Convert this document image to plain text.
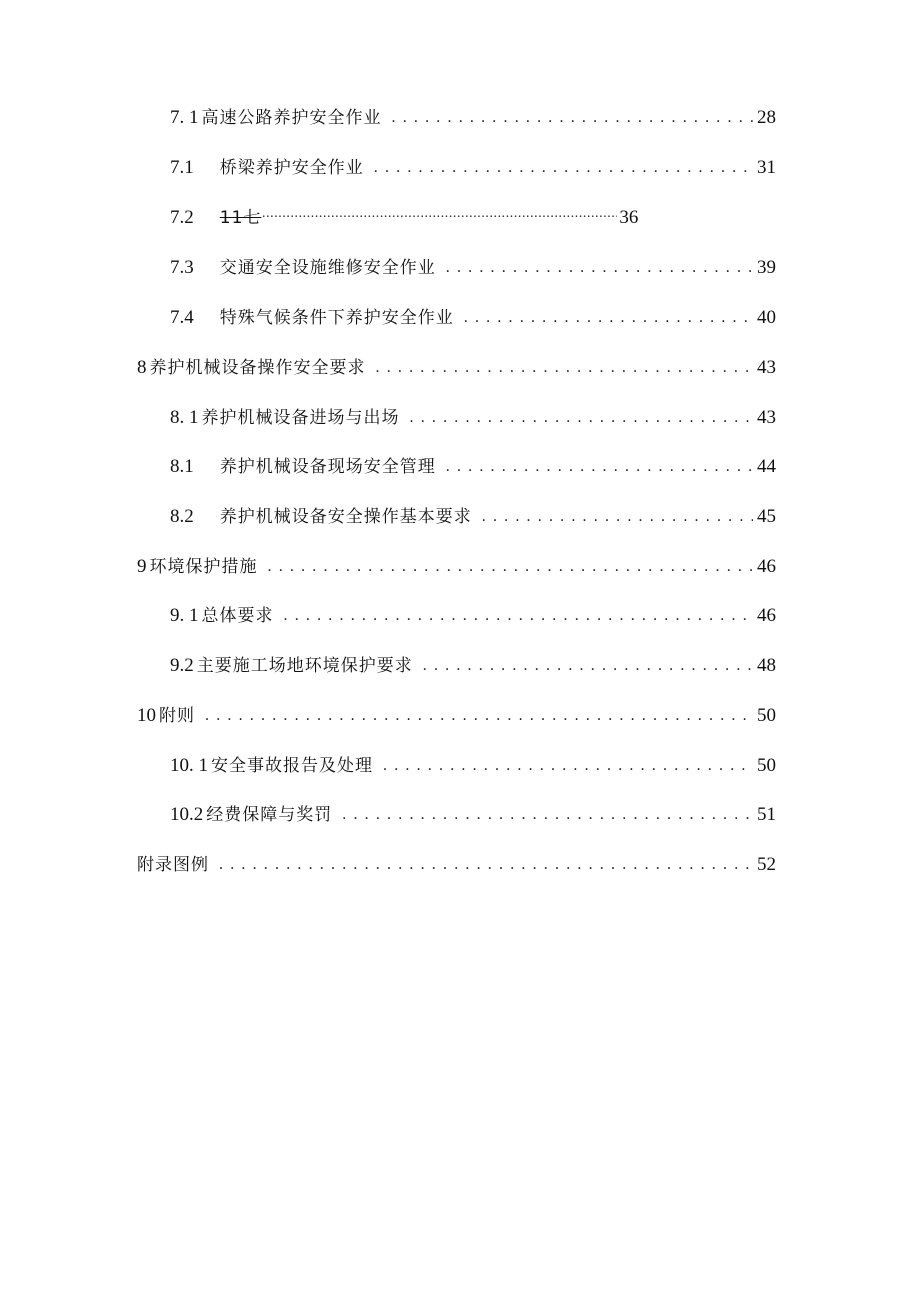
7. 1 高速公路养护安全作业 . . .	28
7.1 桥梁养护安全作业 . . .	31
7.2 11七 ·····	36
7.3 交通安全设施维修安全作业 . . .	39
7.4 特殊气候条件下养护安全作业 . . .	40
8 养护机械设备操作安全要求 . . .	43
8. 1 养护机械设备进场与出场 . . .	43
8.1 养护机械设备现场安全管理 . . .	44
8.2 养护机械设备安全操作基本要求 . . .	45
9 环境保护措施 . . .	46
9. 1 总体要求 . . .	46
9.2 主要施工场地环境保护要求 . . .	48
10 附则 . . .	50
10. 1 安全事故报告及处理 . . .	50
10.2 经费保障与奖罚 . . .	51
附录图例 . . .	52
